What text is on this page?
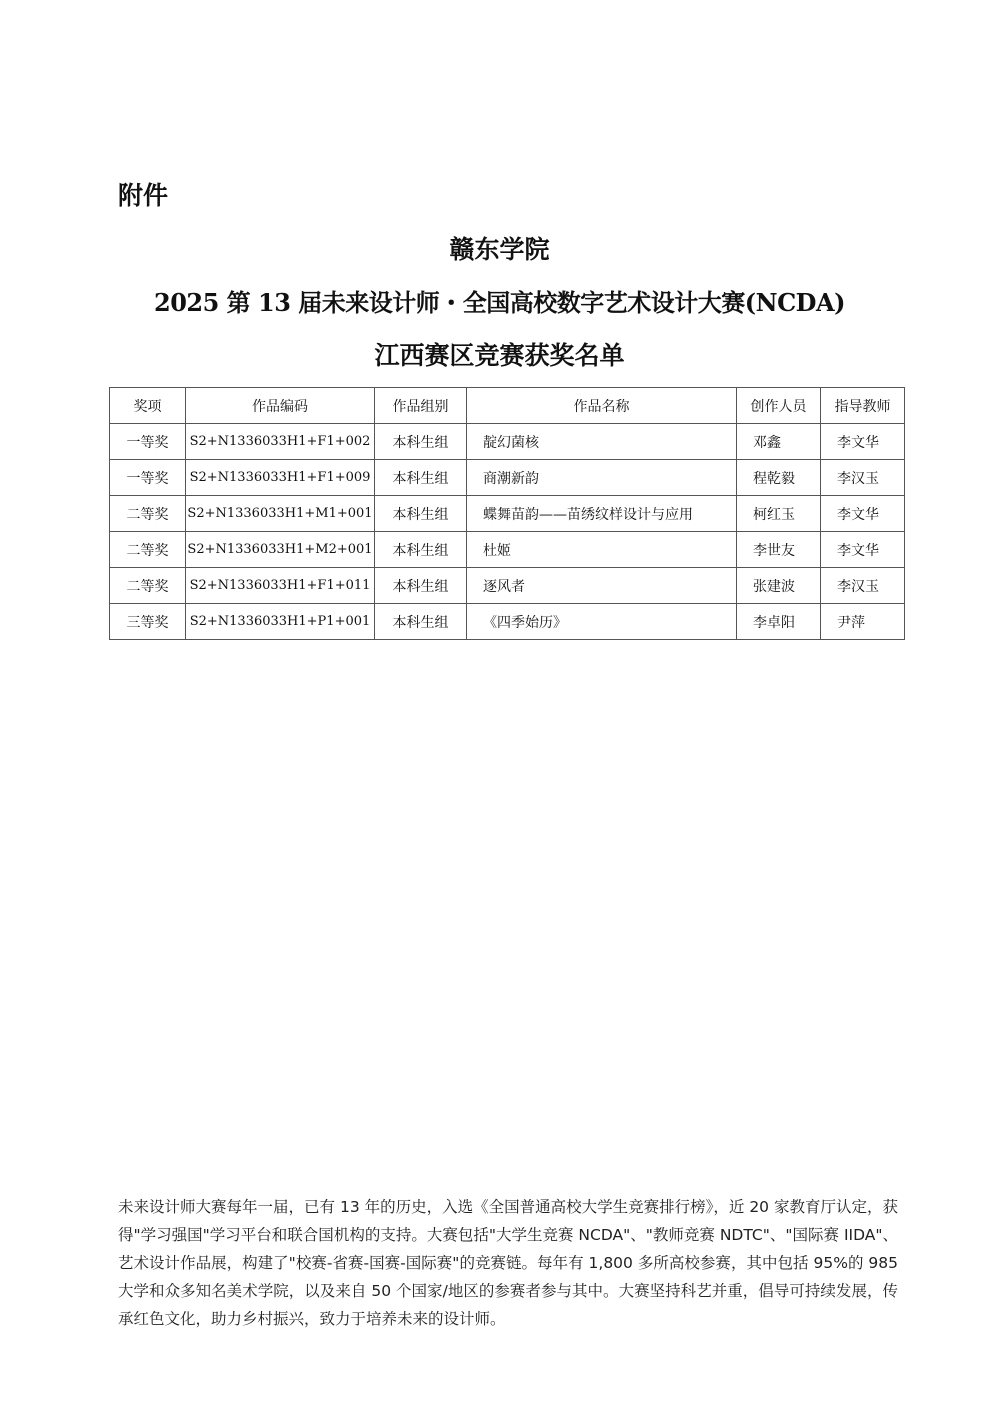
附件
赣东学院
2025 第 13 届未来设计师・全国高校数字艺术设计大赛(NCDA)
江西赛区竞赛获奖名单
奖项	作品编码	作品组别	作品名称	创作人员	指导教师
一等奖	S2+N1336033H1+F1+002	本科生组	靛幻菌核	邓鑫	李文华
一等奖	S2+N1336033H1+F1+009	本科生组	商潮新韵	程乾毅	李汉玉
二等奖	S2+N1336033H1+M1+001	本科生组	蝶舞苗韵——苗绣纹样设计与应用	柯红玉	李文华
二等奖	S2+N1336033H1+M2+001	本科生组	杜姬	李世友	李文华
二等奖	S2+N1336033H1+F1+011	本科生组	逐风者	张建波	李汉玉
三等奖	S2+N1336033H1+P1+001	本科生组	《四季始历》	李卓阳	尹萍

未来设计师大赛每年一届，已有 13 年的历史，入选《全国普通高校大学生竞赛排行榜》，近 20 家教育厅认定，获得"学习强国"学习平台和联合国机构的支持。大赛包括"大学生竞赛 NCDA"、"教师竞赛 NDTC"、"国际赛 IIDA"、艺术设计作品展，构建了"校赛-省赛-国赛-国际赛"的竞赛链。每年有 1,800 多所高校参赛，其中包括 95%的 985 大学和众多知名美术学院，以及来自 50 个国家/地区的参赛者参与其中。大赛坚持科艺并重，倡导可持续发展，传承红色文化，助力乡村振兴，致力于培养未来的设计师。
